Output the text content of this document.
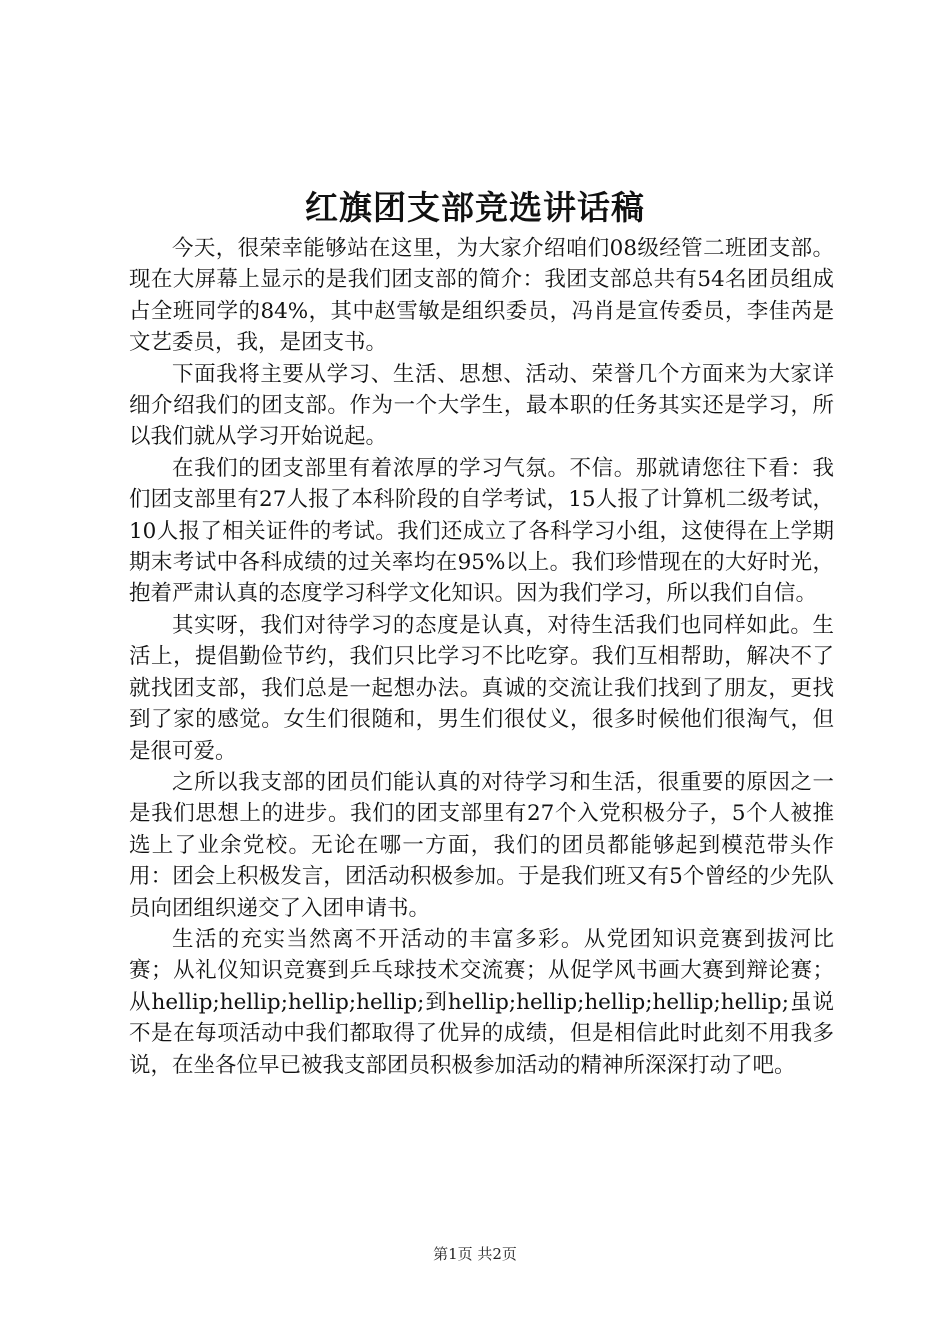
红旗团支部竞选讲话稿

今天，很荣幸能够站在这里，为大家介绍咱们08级经管二班团支部。现在大屏幕上显示的是我们团支部的简介：我团支部总共有54名团员组成占全班同学的84%，其中赵雪敏是组织委员，冯肖是宣传委员，李佳芮是文艺委员，我，是团支书。

下面我将主要从学习、生活、思想、活动、荣誉几个方面来为大家详细介绍我们的团支部。作为一个大学生，最本职的任务其实还是学习，所以我们就从学习开始说起。

在我们的团支部里有着浓厚的学习气氛。不信。那就请您往下看：我们团支部里有27人报了本科阶段的自学考试，15人报了计算机二级考试，10人报了相关证件的考试。我们还成立了各科学习小组，这使得在上学期期末考试中各科成绩的过关率均在95%以上。我们珍惜现在的大好时光，抱着严肃认真的态度学习科学文化知识。因为我们学习，所以我们自信。

其实呀，我们对待学习的态度是认真，对待生活我们也同样如此。生活上，提倡勤俭节约，我们只比学习不比吃穿。我们互相帮助，解决不了就找团支部，我们总是一起想办法。真诚的交流让我们找到了朋友，更找到了家的感觉。女生们很随和，男生们很仗义，很多时候他们很淘气，但是很可爱。

之所以我支部的团员们能认真的对待学习和生活，很重要的原因之一是我们思想上的进步。我们的团支部里有27个入党积极分子，5个人被推选上了业余党校。无论在哪一方面，我们的团员都能够起到模范带头作用：团会上积极发言，团活动积极参加。于是我们班又有5个曾经的少先队员向团组织递交了入团申请书。

生活的充实当然离不开活动的丰富多彩。从党团知识竞赛到拔河比赛；从礼仪知识竞赛到乒乓球技术交流赛；从促学风书画大赛到辩论赛；从hellip;hellip;hellip;hellip;到hellip;hellip;hellip;hellip;hellip;虽说不是在每项活动中我们都取得了优异的成绩，但是相信此时此刻不用我多说，在坐各位早已被我支部团员积极参加活动的精神所深深打动了吧。

第1页 共2页
